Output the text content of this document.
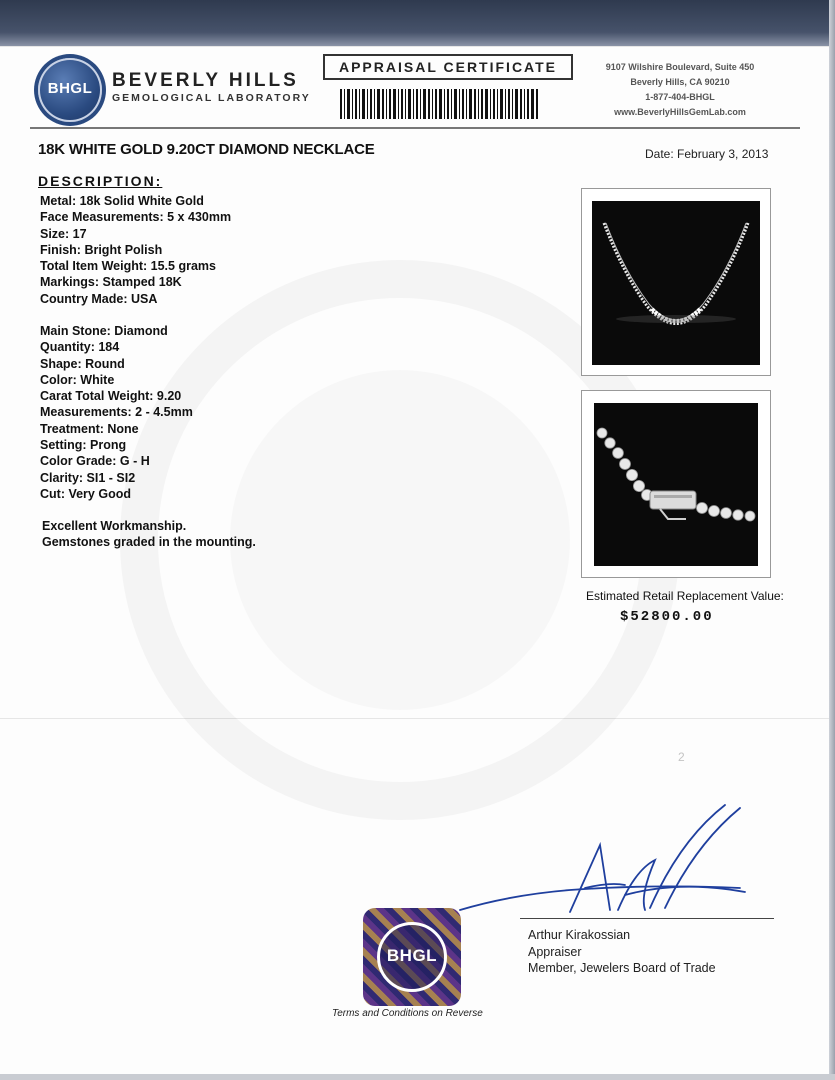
BHGL	BEVERLY HILLS
GEMOLOGICAL LABORATORY
APPRAISAL CERTIFICATE	9107 Wilshire Boulevard, Suite 450
Beverly Hills, CA 90210
1-877-404-BHGL
www.BeverlyHillsGemLab.com
18K WHITE GOLD 9.20CT DIAMOND NECKLACE	Date: February 3, 2013
DESCRIPTION:
Metal: 18k Solid White Gold
Face Measurements: 5 x 430mm
Size: 17
Finish: Bright Polish
Total Item Weight: 15.5 grams
Markings: Stamped 18K
Country Made: USA
Main Stone: Diamond
Quantity: 184
Shape: Round
Color: White
Carat Total Weight: 9.20
Measurements: 2 - 4.5mm
Treatment: None
Setting: Prong
Color Grade: G - H
Clarity: SI1 - SI2
Cut: Very Good
Excellent Workmanship.
Gemstones graded in the mounting.
Estimated Retail Replacement Value:
$52800.00
2
Arthur Kirakossian
Appraiser
Member, Jewelers Board of Trade
BHGL
Terms and Conditions on Reverse
